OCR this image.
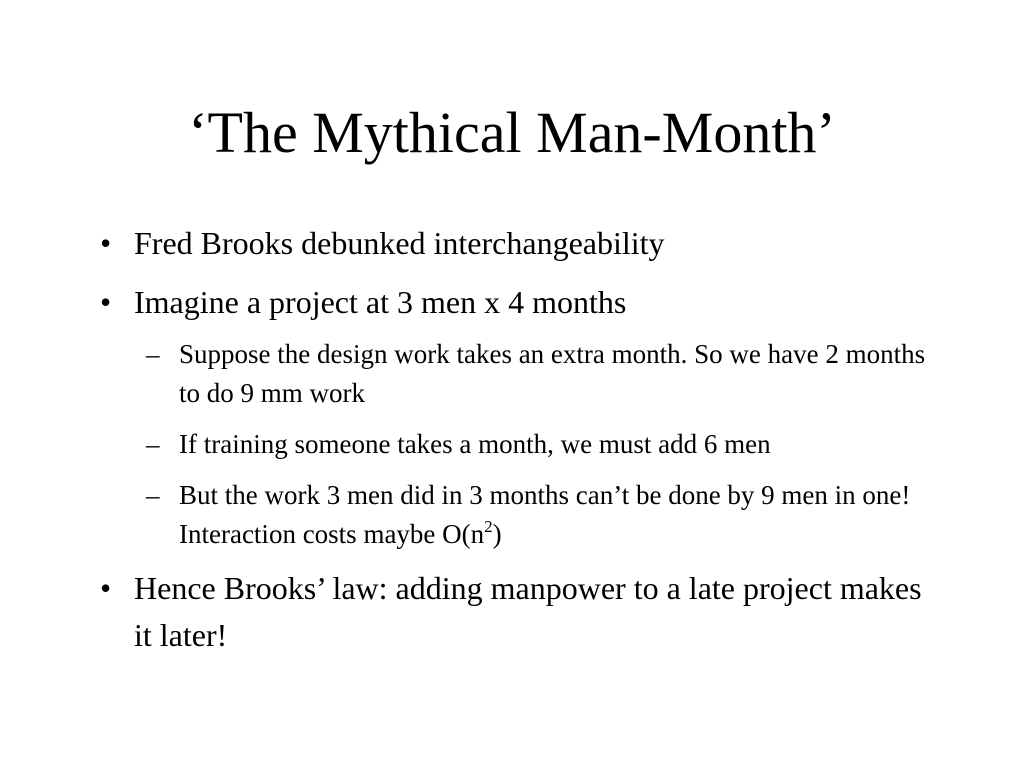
‘The Mythical Man-Month’
• Fred Brooks debunked interchangeability
• Imagine a project at 3 men x 4 months
– Suppose the design work takes an extra month. So we have 2 months to do 9 mm work
– If training someone takes a month, we must add 6 men
– But the work 3 men did in 3 months can’t be done by 9 men in one! Interaction costs maybe $O(n^2)$
• Hence Brooks’ law: adding manpower to a late project makes it later!
